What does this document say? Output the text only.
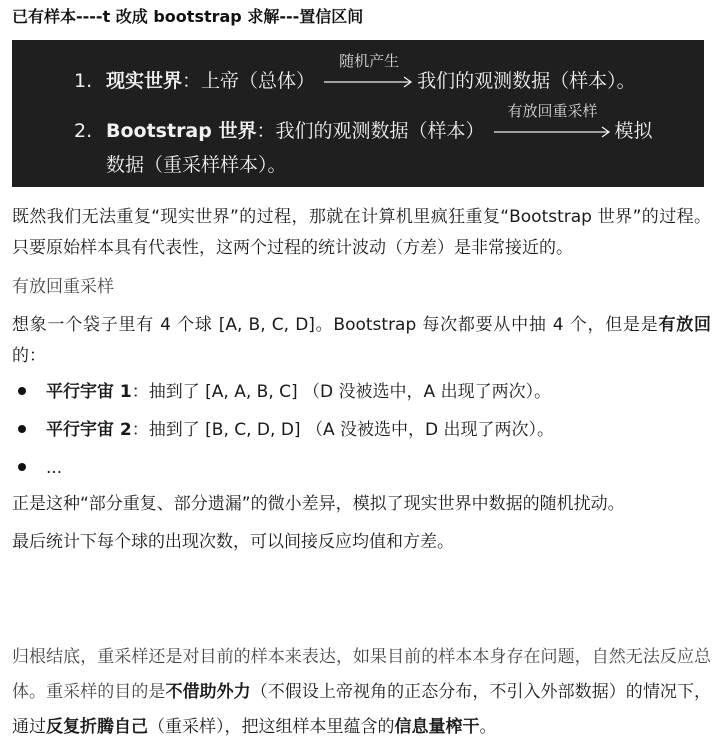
已有样本----t 改成 bootstrap 求解---置信区间
1. 现实世界：上帝（总体）
随机产生
我们的观测数据（样本）。
2. Bootstrap 世界：我们的观测数据（样本）
有放回重采样
模拟
数据（重采样样本）。
既然我们无法重复“现实世界”的过程，那就在计算机里疯狂重复“Bootstrap 世界”的过程。只要原始样本具有代表性，这两个过程的统计波动（方差）是非常接近的。
有放回重采样
想象一个袋子里有 4 个球 [A, B, C, D]。Bootstrap 每次都要从中抽 4 个，但是是有放回的：
平行宇宙 1：抽到了 [A, A, B, C] （D 没被选中，A 出现了两次）。
平行宇宙 2：抽到了 [B, C, D, D] （A 没被选中，D 出现了两次）。
...
正是这种“部分重复、部分遗漏”的微小差异，模拟了现实世界中数据的随机扰动。
最后统计下每个球的出现次数，可以间接反应均值和方差。
归根结底，重采样还是对目前的样本来表达，如果目前的样本本身存在问题，自然无法反应总体。重采样的目的是不借助外力（不假设上帝视角的正态分布，不引入外部数据）的情况下，通过反复折腾自己（重采样），把这组样本里蕴含的信息量榨干。
